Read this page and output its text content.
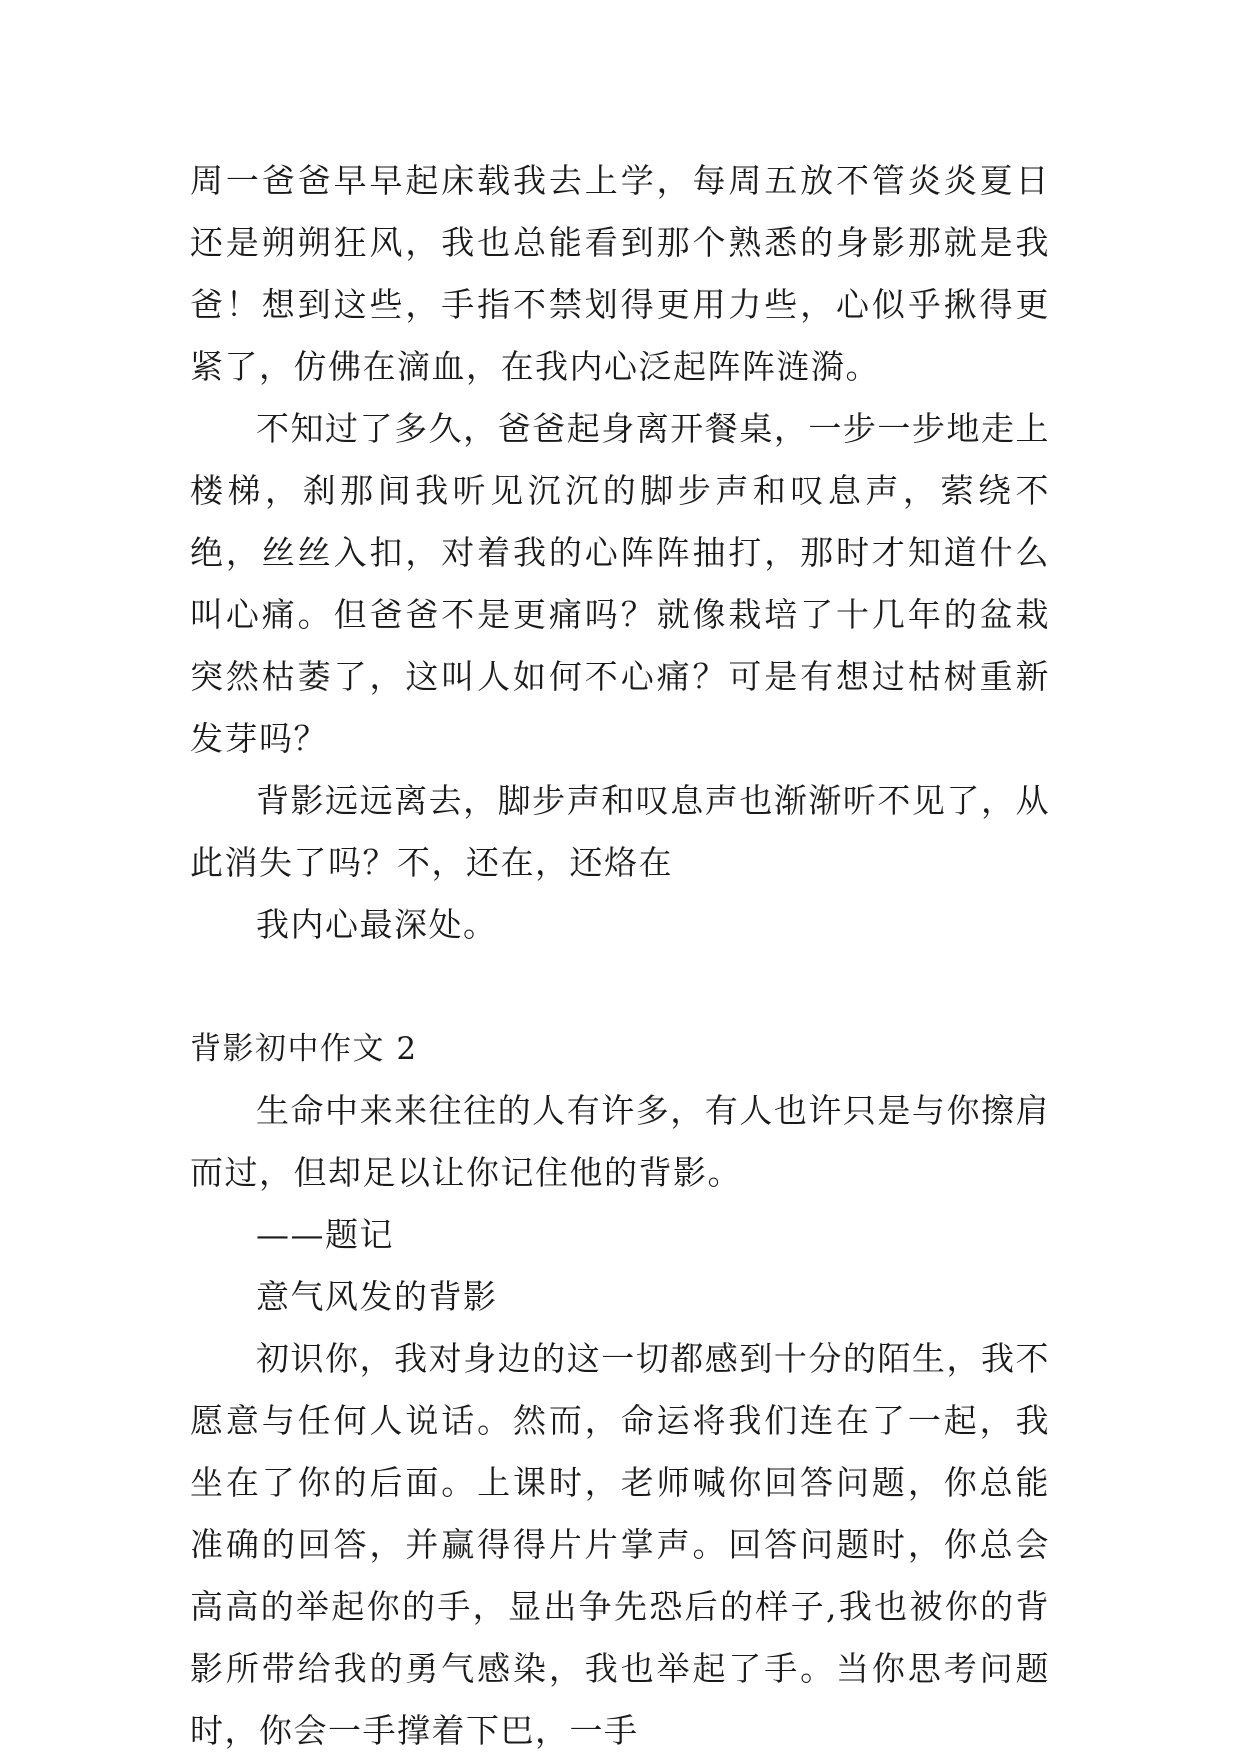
周一爸爸早早起床载我去上学，每周五放不管炎炎夏日还是朔朔狂风，我也总能看到那个熟悉的身影那就是我爸！想到这些，手指不禁划得更用力些，心似乎揪得更紧了，仿佛在滴血，在我内心泛起阵阵涟漪。

不知过了多久，爸爸起身离开餐桌，一步一步地走上楼梯，刹那间我听见沉沉的脚步声和叹息声，萦绕不绝，丝丝入扣，对着我的心阵阵抽打，那时才知道什么叫心痛。但爸爸不是更痛吗？就像栽培了十几年的盆栽突然枯萎了，这叫人如何不心痛？可是有想过枯树重新发芽吗？

背影远远离去，脚步声和叹息声也渐渐听不见了，从此消失了吗？不，还在，还烙在

我内心最深处。

背影初中作文 2

生命中来来往往的人有许多，有人也许只是与你擦肩而过，但却足以让你记住他的背影。

——题记

意气风发的背影

初识你，我对身边的这一切都感到十分的陌生，我不愿意与任何人说话。然而，命运将我们连在了一起，我坐在了你的后面。上课时，老师喊你回答问题，你总能准确的回答，并赢得得片片掌声。回答问题时，你总会高高的举起你的手，显出争先恐后的样子,我也被你的背影所带给我的勇气感染，我也举起了手。当你思考问题时，你会一手撑着下巴，一手
